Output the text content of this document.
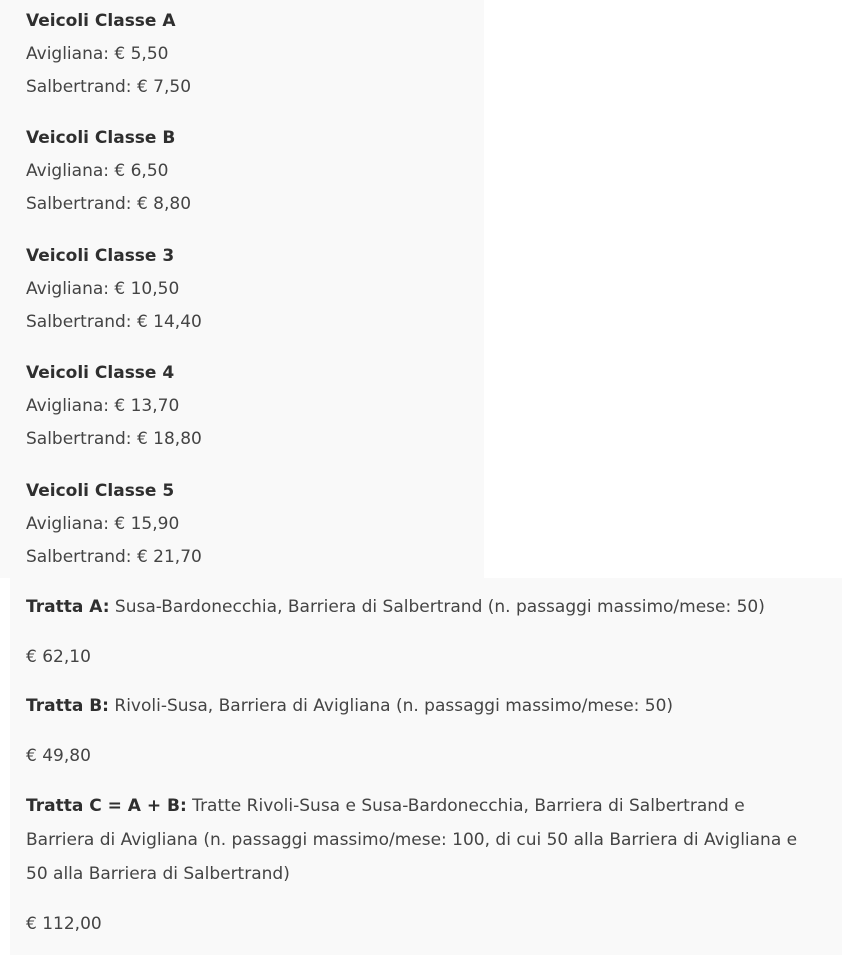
Veicoli Classe A
Avigliana: € 5,50
Salbertrand: € 7,50
Veicoli Classe B
Avigliana: € 6,50
Salbertrand: € 8,80
Veicoli Classe 3
Avigliana: € 10,50
Salbertrand: € 14,40
Veicoli Classe 4
Avigliana: € 13,70
Salbertrand: € 18,80
Veicoli Classe 5
Avigliana: € 15,90
Salbertrand: € 21,70
Tratta A: Susa-Bardonecchia, Barriera di Salbertrand (n. passaggi massimo/mese: 50)
€ 62,10
Tratta B: Rivoli-Susa, Barriera di Avigliana (n. passaggi massimo/mese: 50)
€ 49,80
Tratta C = A + B: Tratte Rivoli-Susa e Susa-Bardonecchia, Barriera di Salbertrand e Barriera di Avigliana (n. passaggi massimo/mese: 100, di cui 50 alla Barriera di Avigliana e 50 alla Barriera di Salbertrand)
€ 112,00
